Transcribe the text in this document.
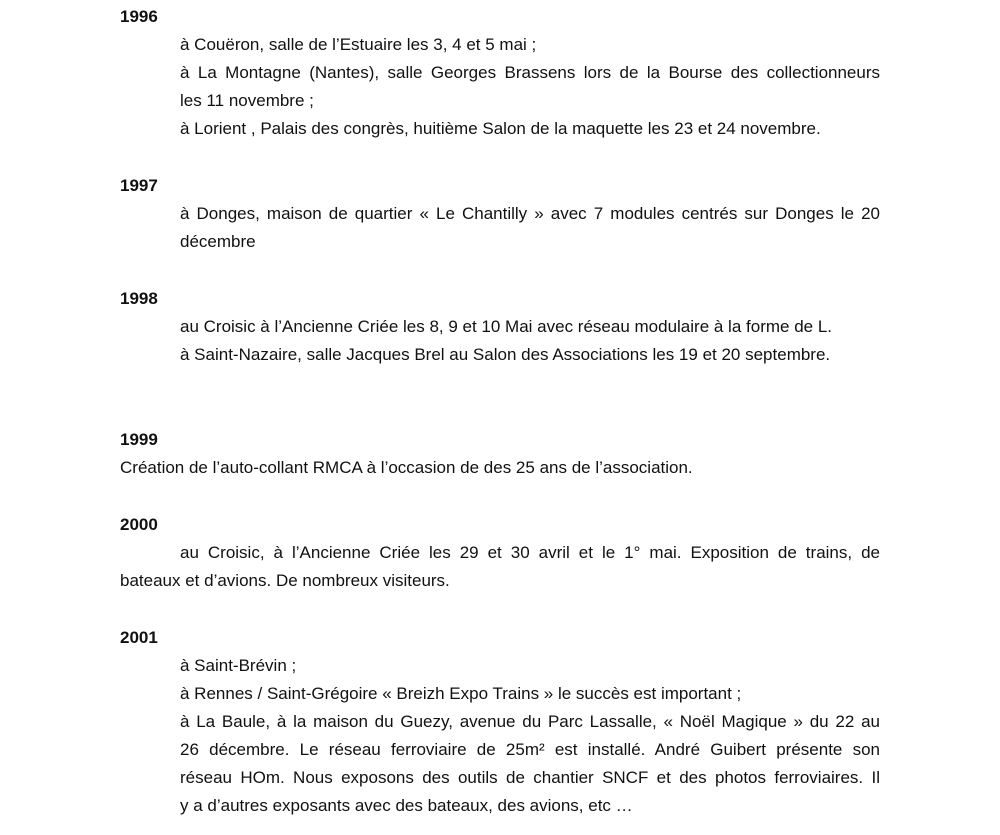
1996
à Couëron, salle de l’Estuaire les 3, 4 et 5 mai ;
à La Montagne (Nantes), salle Georges Brassens lors de la Bourse des collectionneurs
les 11 novembre ;
à Lorient , Palais des congrès, huitième Salon de la maquette les 23 et 24 novembre.
1997
à Donges, maison de quartier « Le Chantilly » avec 7 modules centrés sur Donges le 20
décembre
1998
au Croisic à l’Ancienne Criée les 8, 9 et 10 Mai avec réseau modulaire à la forme de L.
à Saint-Nazaire, salle Jacques Brel au Salon des Associations les 19 et 20 septembre.
1999
Création de l’auto-collant RMCA à l’occasion de des 25 ans de l’association.
2000
au Croisic, à l’Ancienne Criée les 29 et 30 avril et le 1° mai. Exposition de trains, de
bateaux et d’avions. De nombreux visiteurs.
2001
à Saint-Brévin ;
à Rennes / Saint-Grégoire « Breizh Expo Trains » le succès est important ;
à La Baule, à la maison du Guezy, avenue du Parc Lassalle, « Noël Magique » du 22 au
26 décembre. Le réseau ferroviaire de 25m² est installé. André Guibert présente son
réseau HOm. Nous exposons des outils de chantier SNCF et des photos ferroviaires. Il
y a d’autres exposants avec des bateaux, des avions, etc …
